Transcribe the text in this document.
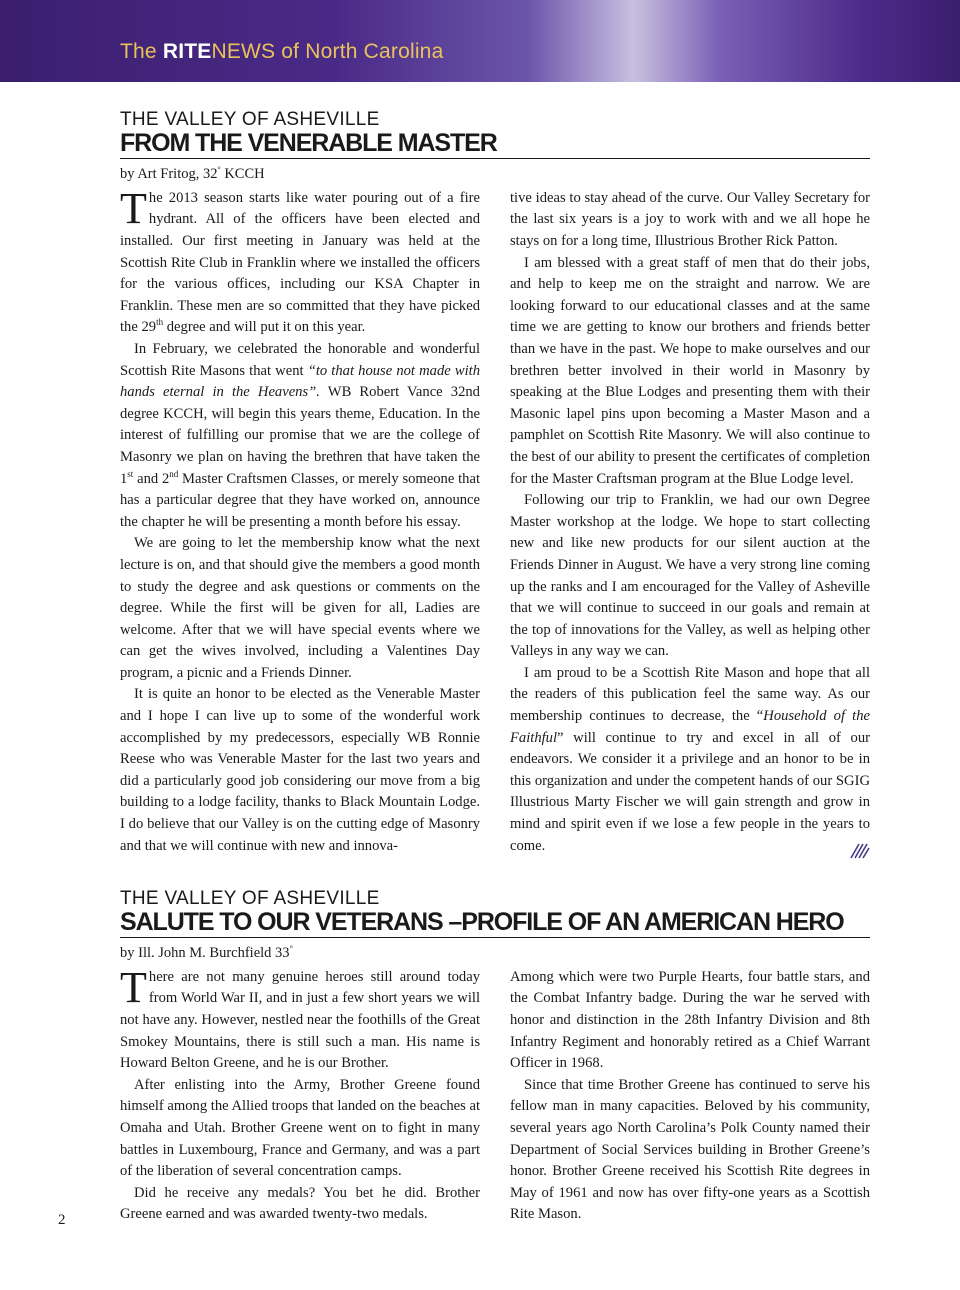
The RITENEWS of North Carolina
THE VALLEY OF ASHEVILLE
FROM THE VENERABLE MASTER
by Art Fritog, 32° KCCH

The 2013 season starts like water pouring out of a fire hydrant. All of the officers have been elected and installed. Our first meeting in January was held at the Scottish Rite Club in Franklin where we installed the officers for the various offices, including our KSA Chapter in Franklin. These men are so committed that they have picked the 29th degree and will put it on this year.

In February, we celebrated the honorable and wonderful Scottish Rite Masons that went “to that house not made with hands eternal in the Heavens”. WB Robert Vance 32nd degree KCCH, will begin this years theme, Education. In the interest of fulfilling our promise that we are the college of Masonry we plan on having the brethren that have taken the 1st and 2nd Master Craftsmen Classes, or merely someone that has a particular degree that they have worked on, announce the chapter he will be presenting a month before his essay.

We are going to let the membership know what the next lecture is on, and that should give the members a good month to study the degree and ask questions or comments on the degree. While the first will be given for all, Ladies are welcome. After that we will have special events where we can get the wives involved, including a Valentines Day program, a picnic and a Friends Dinner.

It is quite an honor to be elected as the Venerable Master and I hope I can live up to some of the wonderful work accomplished by my predecessors, especially WB Ronnie Reese who was Venerable Master for the last two years and did a particularly good job considering our move from a big building to a lodge facility, thanks to Black Mountain Lodge. I do believe that our Valley is on the cutting edge of Masonry and that we will continue with new and innova-

tive ideas to stay ahead of the curve. Our Valley Secretary for the last six years is a joy to work with and we all hope he stays on for a long time, Illustrious Brother Rick Patton.

I am blessed with a great staff of men that do their jobs, and help to keep me on the straight and narrow. We are looking forward to our educational classes and at the same time we are getting to know our brothers and friends better than we have in the past. We hope to make ourselves and our brethren better involved in their world in Masonry by speaking at the Blue Lodges and presenting them with their Masonic lapel pins upon becoming a Master Mason and a pamphlet on Scottish Rite Masonry. We will also continue to the best of our ability to present the certificates of completion for the Master Craftsman program at the Blue Lodge level.

Following our trip to Franklin, we had our own Degree Master workshop at the lodge. We hope to start collecting new and like new products for our silent auction at the Friends Dinner in August. We have a very strong line coming up the ranks and I am encouraged for the Valley of Asheville that we will continue to succeed in our goals and remain at the top of innovations for the Valley, as well as helping other Valleys in any way we can.

I am proud to be a Scottish Rite Mason and hope that all the readers of this publication feel the same way. As our membership continues to decrease, the “Household of the Faithful” will continue to try and excel in all of our endeavors. We consider it a privilege and an honor to be in this organization and under the competent hands of our SGIG Illustrious Marty Fischer we will gain strength and grow in mind and spirit even if we lose a few people in the years to come.

THE VALLEY OF ASHEVILLE
SALUTE TO OUR VETERANS –PROFILE OF AN AMERICAN HERO
by Ill. John M. Burchfield 33°

There are not many genuine heroes still around today from World War II, and in just a few short years we will not have any. However, nestled near the foothills of the Great Smokey Mountains, there is still such a man. His name is Howard Belton Greene, and he is our Brother.

After enlisting into the Army, Brother Greene found himself among the Allied troops that landed on the beaches at Omaha and Utah. Brother Greene went on to fight in many battles in Luxembourg, France and Germany, and was a part of the liberation of several concentration camps.

Did he receive any medals? You bet he did. Brother Greene earned and was awarded twenty-two medals.

Among which were two Purple Hearts, four battle stars, and the Combat Infantry badge. During the war he served with honor and distinction in the 28th Infantry Division and 8th Infantry Regiment and honorably retired as a Chief Warrant Officer in 1968.

Since that time Brother Greene has continued to serve his fellow man in many capacities. Beloved by his community, several years ago North Carolina’s Polk County named their Department of Social Services building in Brother Greene’s honor. Brother Greene received his Scottish Rite degrees in May of 1961 and now has over fifty-one years as a Scottish Rite Mason.

2
